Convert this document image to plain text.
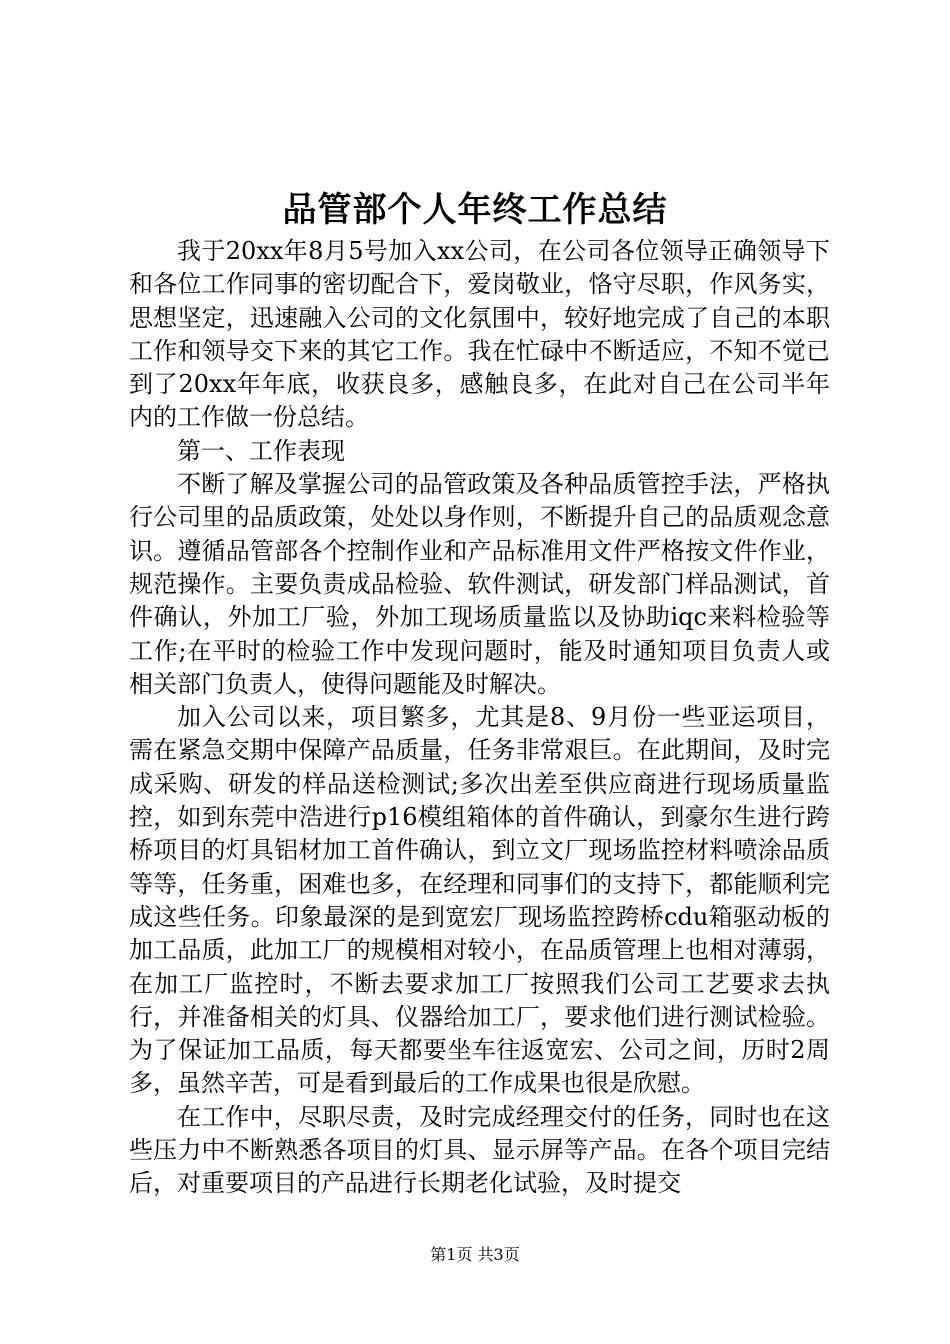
品管部个人年终工作总结

我于20xx年8月5号加入xx公司，在公司各位领导正确领导下和各位工作同事的密切配合下，爱岗敬业，恪守尽职，作风务实，思想坚定，迅速融入公司的文化氛围中，较好地完成了自己的本职工作和领导交下来的其它工作。我在忙碌中不断适应，不知不觉已到了20xx年年底，收获良多，感触良多，在此对自己在公司半年内的工作做一份总结。

第一、工作表现

不断了解及掌握公司的品管政策及各种品质管控手法，严格执行公司里的品质政策，处处以身作则，不断提升自己的品质观念意识。遵循品管部各个控制作业和产品标准用文件严格按文件作业，规范操作。主要负责成品检验、软件测试，研发部门样品测试，首件确认，外加工厂验，外加工现场质量监以及协助iqc来料检验等工作;在平时的检验工作中发现问题时，能及时通知项目负责人或相关部门负责人，使得问题能及时解决。

加入公司以来，项目繁多，尤其是8、9月份一些亚运项目，需在紧急交期中保障产品质量，任务非常艰巨。在此期间，及时完成采购、研发的样品送检测试;多次出差至供应商进行现场质量监控，如到东莞中浩进行p16模组箱体的首件确认，到豪尔生进行跨桥项目的灯具铝材加工首件确认，到立文厂现场监控材料喷涂品质等等，任务重，困难也多，在经理和同事们的支持下，都能顺利完成这些任务。印象最深的是到宽宏厂现场监控跨桥cdu箱驱动板的加工品质，此加工厂的规模相对较小，在品质管理上也相对薄弱，在加工厂监控时，不断去要求加工厂按照我们公司工艺要求去执行，并准备相关的灯具、仪器给加工厂，要求他们进行测试检验。为了保证加工品质，每天都要坐车往返宽宏、公司之间，历时2周多，虽然辛苦，可是看到最后的工作成果也很是欣慰。

在工作中，尽职尽责，及时完成经理交付的任务，同时也在这些压力中不断熟悉各项目的灯具、显示屏等产品。在各个项目完结后，对重要项目的产品进行长期老化试验，及时提交

第1页 共3页
